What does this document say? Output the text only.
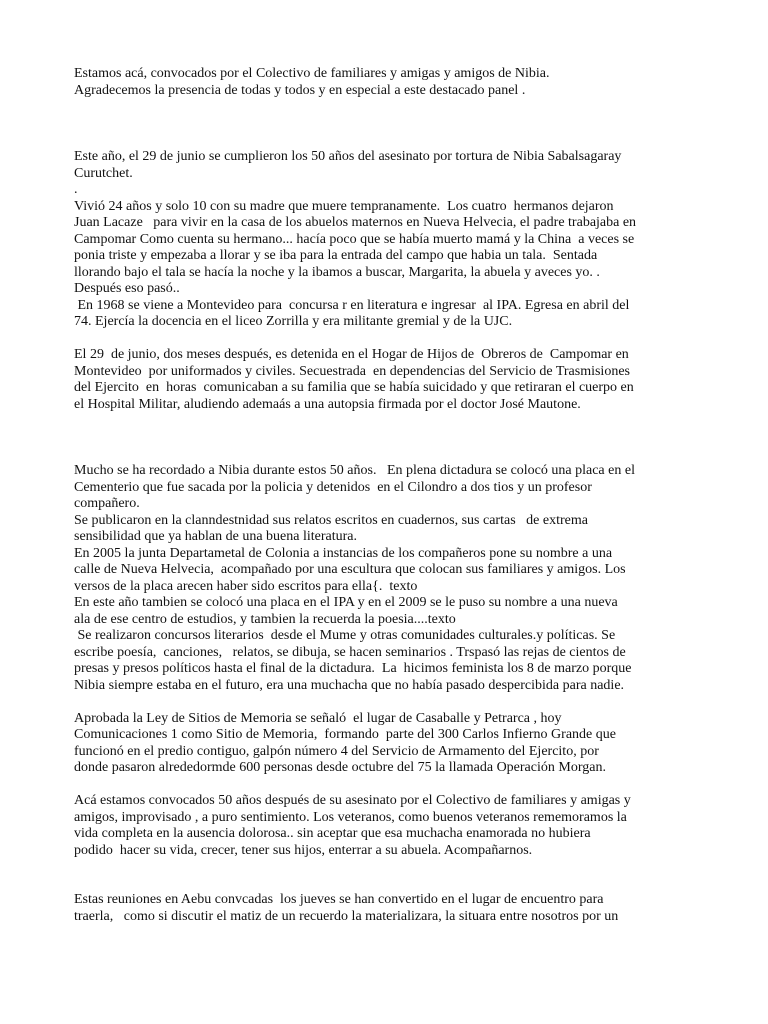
Estamos acá, convocados por el Colectivo de familiares y amigas y amigos de Nibia.
Agradecemos la presencia de todas y todos y en especial a este destacado panel .
Este año, el 29 de junio se cumplieron los 50 años del asesinato por tortura de Nibia Sabalsagaray
Curutchet.
.
Vivió 24 años y solo 10 con su madre que muere tempranamente.  Los cuatro  hermanos dejaron
Juan Lacaze   para vivir en la casa de los abuelos maternos en Nueva Helvecia, el padre trabajaba en
Campomar Como cuenta su hermano... hacía poco que se había muerto mamá y la China  a veces se
ponia triste y empezaba a llorar y se iba para la entrada del campo que habia un tala.  Sentada
llorando bajo el tala se hacía la noche y la ibamos a buscar, Margarita, la abuela y aveces yo. .
Después eso pasó..
En 1968 se viene a Montevideo para  concursa r en literatura e ingresar  al IPA. Egresa en abril del
74. Ejercía la docencia en el liceo Zorrilla y era militante gremial y de la UJC.
El 29  de junio, dos meses después, es detenida en el Hogar de Hijos de  Obreros de  Campomar en
Montevideo  por uniformados y civiles. Secuestrada  en dependencias del Servicio de Trasmisiones
del Ejercito  en  horas  comunicaban a su familia que se había suicidado y que retiraran el cuerpo en
el Hospital Militar, aludiendo ademaás a una autopsia firmada por el doctor José Mautone.
Mucho se ha recordado a Nibia durante estos 50 años.   En plena dictadura se colocó una placa en el
Cementerio que fue sacada por la policia y detenidos  en el Cilondro a dos tios y un profesor
compañero.
Se publicaron en la clanndestnidad sus relatos escritos en cuadernos, sus cartas   de extrema
sensibilidad que ya hablan de una buena literatura.
En 2005 la junta Departametal de Colonia a instancias de los compañeros pone su nombre a una
calle de Nueva Helvecia,  acompañado por una escultura que colocan sus familiares y amigos. Los
versos de la placa arecen haber sido escritos para ella{.  texto
En este año tambien se colocó una placa en el IPA y en el 2009 se le puso su nombre a una nueva
ala de ese centro de estudios, y tambien la recuerda la poesia....texto
Se realizaron concursos literarios  desde el Mume y otras comunidades culturales.y políticas. Se
escribe poesía,  canciones,   relatos, se dibuja, se hacen seminarios . Trspasó las rejas de cientos de
presas y presos políticos hasta el final de la dictadura.  La  hicimos feminista los 8 de marzo porque
Nibia siempre estaba en el futuro, era una muchacha que no había pasado despercibida para nadie.
Aprobada la Ley de Sitios de Memoria se señaló  el lugar de Casaballe y Petrarca , hoy
Comunicaciones 1 como Sitio de Memoria,  formando  parte del 300 Carlos Infierno Grande que
funcionó en el predio contiguo, galpón número 4 del Servicio de Armamento del Ejercito, por
donde pasaron alrededormde 600 personas desde octubre del 75 la llamada Operación Morgan.
Acá estamos convocados 50 años después de su asesinato por el Colectivo de familiares y amigas y
amigos, improvisado , a puro sentimiento. Los veteranos, como buenos veteranos rememoramos la
vida completa en la ausencia dolorosa.. sin aceptar que esa muchacha enamorada no hubiera
podido  hacer su vida, crecer, tener sus hijos, enterrar a su abuela. Acompañarnos.
Estas reuniones en Aebu convcadas  los jueves se han convertido en el lugar de encuentro para
traerla,   como si discutir el matiz de un recuerdo la materializara, la situara entre nosotros por un
